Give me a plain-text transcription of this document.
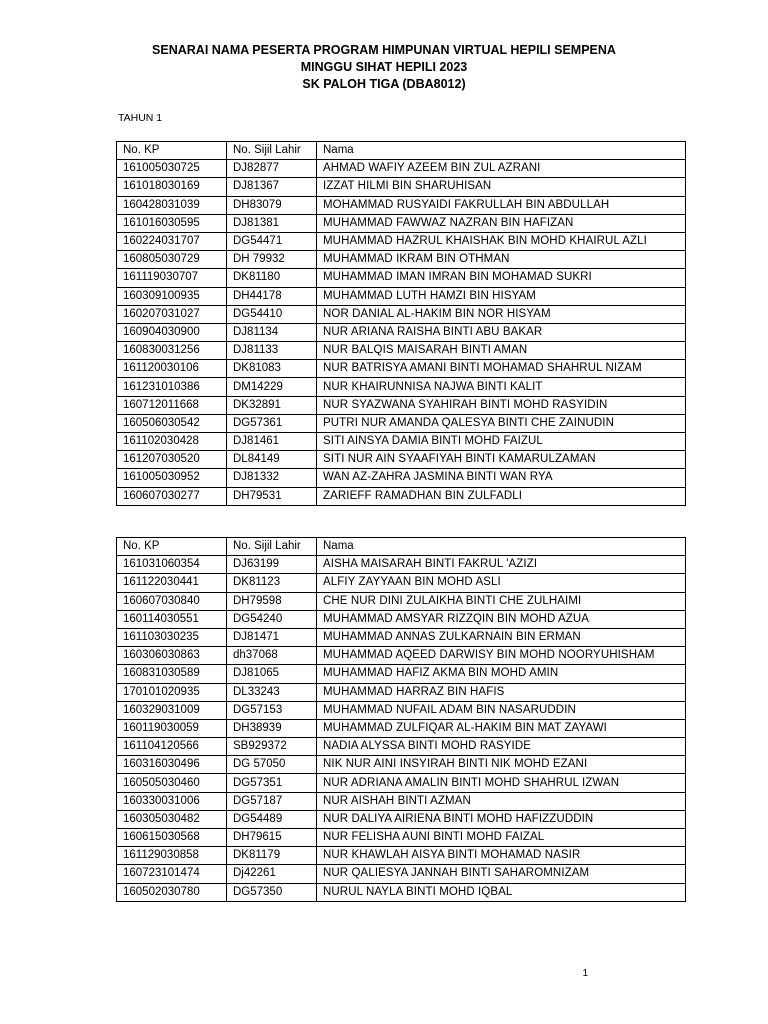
SENARAI NAMA PESERTA PROGRAM HIMPUNAN VIRTUAL HEPILI SEMPENA
MINGGU SIHAT HEPILI 2023
SK PALOH TIGA (DBA8012)
TAHUN 1
No. KP	No. Sijil Lahir	Nama
161005030725	DJ82877	AHMAD WAFIY AZEEM BIN ZUL AZRANI
161018030169	DJ81367	IZZAT HILMI BIN SHARUHISAN
160428031039	DH83079	MOHAMMAD RUSYAIDI FAKRULLAH BIN ABDULLAH
161016030595	DJ81381	MUHAMMAD FAWWAZ NAZRAN BIN HAFIZAN
160224031707	DG54471	MUHAMMAD HAZRUL KHAISHAK BIN MOHD KHAIRUL AZLI
160805030729	DH 79932	MUHAMMAD IKRAM BIN OTHMAN
161119030707	DK81180	MUHAMMAD IMAN IMRAN BIN MOHAMAD SUKRI
160309100935	DH44178	MUHAMMAD LUTH HAMZI BIN HISYAM
160207031027	DG54410	NOR DANIAL AL-HAKIM BIN NOR HISYAM
160904030900	DJ81134	NUR ARIANA RAISHA BINTI ABU BAKAR
160830031256	DJ81133	NUR BALQIS MAISARAH BINTI AMAN
161120030106	DK81083	NUR BATRISYA AMANI BINTI MOHAMAD SHAHRUL NIZAM
161231010386	DM14229	NUR KHAIRUNNISA NAJWA BINTI KALIT
160712011668	DK32891	NUR SYAZWANA SYAHIRAH BINTI MOHD RASYIDIN
160506030542	DG57361	PUTRI NUR AMANDA QALESYA BINTI CHE ZAINUDIN
161102030428	DJ81461	SITI AINSYA DAMIA BINTI MOHD FAIZUL
161207030520	DL84149	SITI NUR AIN SYAAFIYAH BINTI KAMARULZAMAN
161005030952	DJ81332	WAN AZ-ZAHRA JASMINA BINTI WAN RYA
160607030277	DH79531	ZARIEFF RAMADHAN BIN ZULFADLI
No. KP	No. Sijil Lahir	Nama
161031060354	DJ63199	AISHA MAISARAH BINTI FAKRUL 'AZIZI
161122030441	DK81123	ALFIY ZAYYAAN BIN MOHD ASLI
160607030840	DH79598	CHE NUR DINI ZULAIKHA BINTI CHE ZULHAIMI
160114030551	DG54240	MUHAMMAD AMSYAR RIZZQIN BIN MOHD AZUA
161103030235	DJ81471	MUHAMMAD ANNAS ZULKARNAIN BIN ERMAN
160306030863	dh37068	MUHAMMAD AQEED DARWISY BIN MOHD NOORYUHISHAM
160831030589	DJ81065	MUHAMMAD HAFIZ AKMA BIN MOHD AMIN
170101020935	DL33243	MUHAMMAD HARRAZ BIN HAFIS
160329031009	DG57153	MUHAMMAD NUFAIL ADAM BIN NASARUDDIN
160119030059	DH38939	MUHAMMAD ZULFIQAR AL-HAKIM BIN MAT ZAYAWI
161104120566	SB929372	NADIA ALYSSA BINTI MOHD RASYIDE
160316030496	DG 57050	NIK NUR AINI INSYIRAH BINTI NIK MOHD EZANI
160505030460	DG57351	NUR ADRIANA AMALIN BINTI MOHD SHAHRUL IZWAN
160330031006	DG57187	NUR AISHAH BINTI AZMAN
160305030482	DG54489	NUR DALIYA AIRIENA BINTI MOHD HAFIZZUDDIN
160615030568	DH79615	NUR FELISHA AUNI BINTI MOHD FAIZAL
161129030858	DK81179	NUR KHAWLAH AISYA BINTI MOHAMAD NASIR
160723101474	Dj42261	NUR QALIESYA JANNAH BINTI SAHAROMNIZAM
160502030780	DG57350	NURUL NAYLA BINTI MOHD IQBAL
1
